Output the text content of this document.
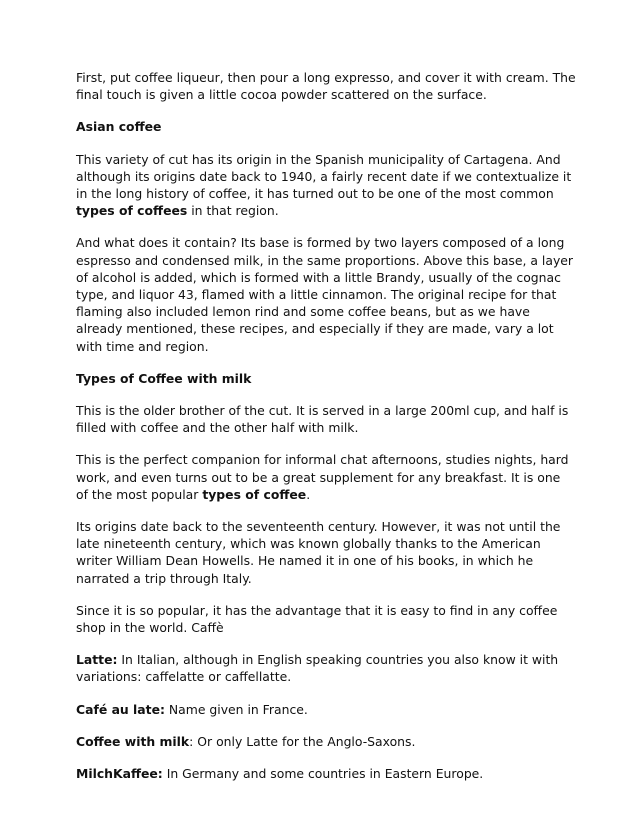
First, put coffee liqueur, then pour a long expresso, and cover it with cream. The final touch is given a little cocoa powder scattered on the surface.

Asian coffee

This variety of cut has its origin in the Spanish municipality of Cartagena. And although its origins date back to 1940, a fairly recent date if we contextualize it in the long history of coffee, it has turned out to be one of the most common types of coffees in that region.

And what does it contain? Its base is formed by two layers composed of a long espresso and condensed milk, in the same proportions. Above this base, a layer of alcohol is added, which is formed with a little Brandy, usually of the cognac type, and liquor 43, flamed with a little cinnamon. The original recipe for that flaming also included lemon rind and some coffee beans, but as we have already mentioned, these recipes, and especially if they are made, vary a lot with time and region.

Types of Coffee with milk

This is the older brother of the cut. It is served in a large 200ml cup, and half is filled with coffee and the other half with milk.

This is the perfect companion for informal chat afternoons, studies nights, hard work, and even turns out to be a great supplement for any breakfast. It is one of the most popular types of coffee.

Its origins date back to the seventeenth century. However, it was not until the late nineteenth century, which was known globally thanks to the American writer William Dean Howells. He named it in one of his books, in which he narrated a trip through Italy.

Since it is so popular, it has the advantage that it is easy to find in any coffee shop in the world. Caffè

Latte: In Italian, although in English speaking countries you also know it with variations: caffelatte or caffellatte.

Café au late: Name given in France.

Coffee with milk: Or only Latte for the Anglo-Saxons.

MilchKaffee: In Germany and some countries in Eastern Europe.
